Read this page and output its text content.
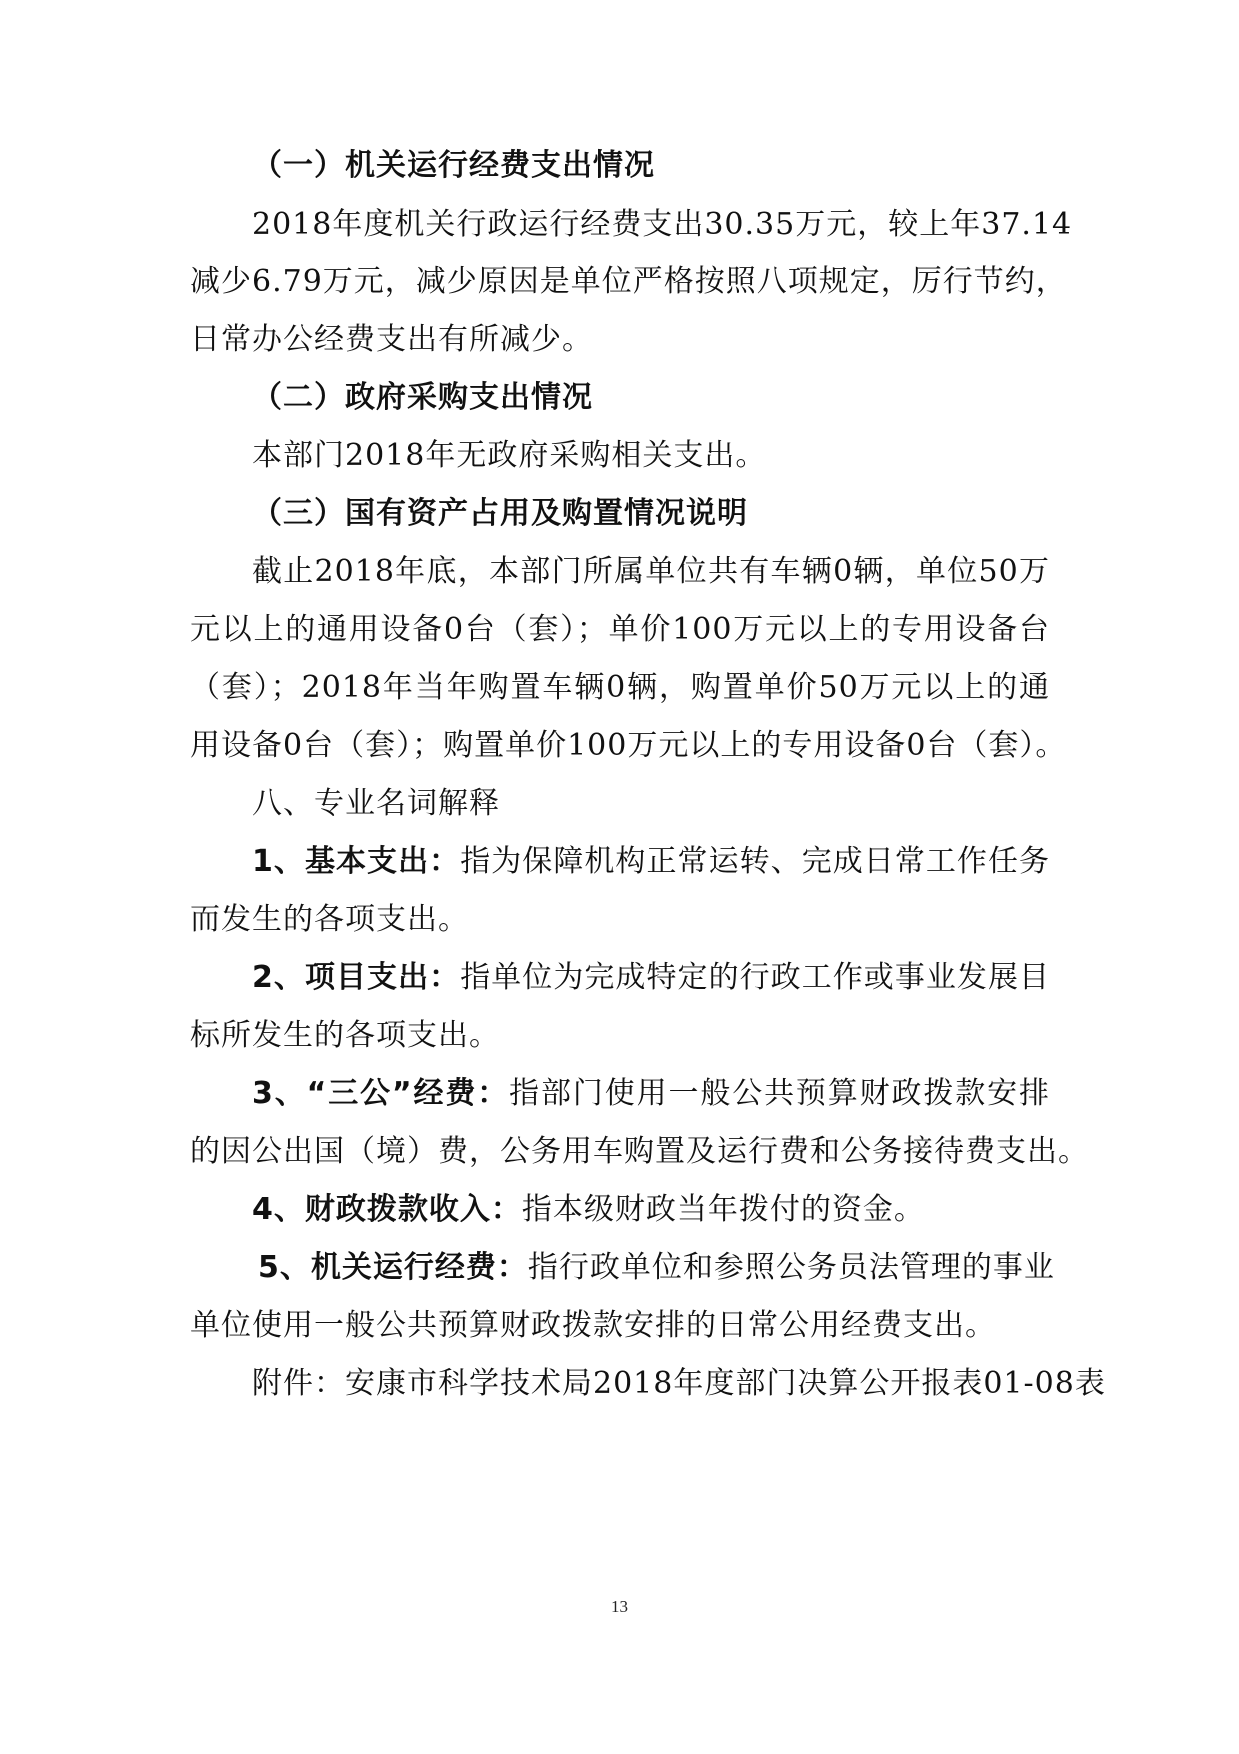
（一）机关运行经费支出情况
2018年度机关行政运行经费支出30.35万元，较上年37.14
减少6.79万元，减少原因是单位严格按照八项规定，厉行节约，
日常办公经费支出有所减少。
（二）政府采购支出情况
本部门2018年无政府采购相关支出。
（三）国有资产占用及购置情况说明
截止2018年底，本部门所属单位共有车辆0辆，单位50万
元以上的通用设备0台（套）；单价100万元以上的专用设备台
（套）；2018年当年购置车辆0辆，购置单价50万元以上的通
用设备0台（套）；购置单价100万元以上的专用设备0台（套）。
八、专业名词解释
1、基本支出：指为保障机构正常运转、完成日常工作任务
而发生的各项支出。
2、项目支出：指单位为完成特定的行政工作或事业发展目
标所发生的各项支出。
3、“三公”经费：指部门使用一般公共预算财政拨款安排
的因公出国（境）费，公务用车购置及运行费和公务接待费支出。
4、财政拨款收入：指本级财政当年拨付的资金。
5、机关运行经费：指行政单位和参照公务员法管理的事业
单位使用一般公共预算财政拨款安排的日常公用经费支出。
附件：安康市科学技术局2018年度部门决算公开报表01-08表
13
